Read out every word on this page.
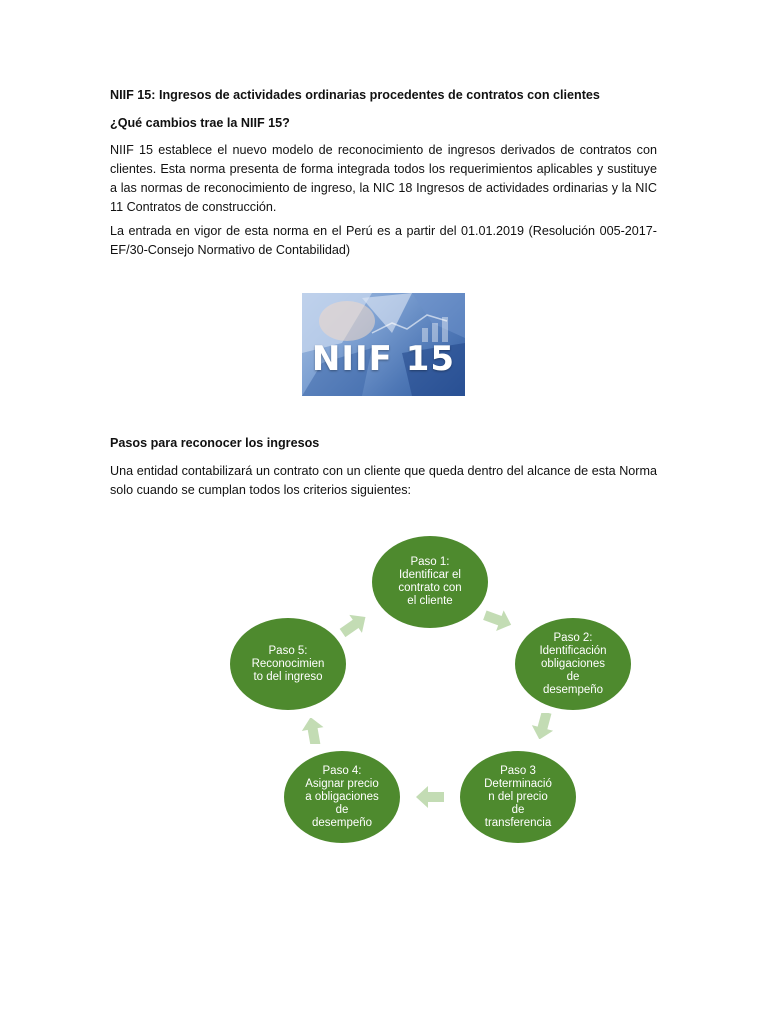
NIIF 15: Ingresos de actividades ordinarias procedentes de contratos con clientes
¿Qué cambios trae la NIIF 15?
NIIF 15 establece el nuevo modelo de reconocimiento de ingresos derivados de contratos con clientes. Esta norma presenta de forma integrada todos los requerimientos aplicables y sustituye a las normas de reconocimiento de ingreso, la NIC 18 Ingresos de actividades ordinarias y la NIC 11 Contratos de construcción.
La entrada en vigor de esta norma en el Perú es a partir del 01.01.2019 (Resolución 005-2017-EF/30-Consejo Normativo de Contabilidad)
NIIF 15
Pasos para reconocer los ingresos
Una entidad contabilizará un contrato con un cliente que queda dentro del alcance de esta Norma solo cuando se cumplan todos los criterios siguientes:
Paso 1:
Identificar el
contrato con
el cliente
Paso 2:
Identificación
obligaciones
de
desempeño
Paso 3
Determinació
n del precio
de
transferencia
Paso 4:
Asignar precio
a obligaciones
de
desempeño
Paso 5:
Reconocimien
to del ingreso
